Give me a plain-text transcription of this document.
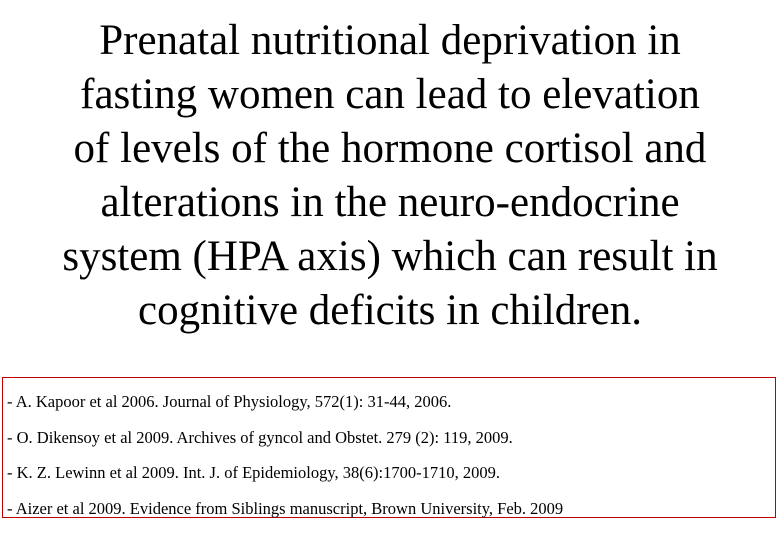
Prenatal nutritional deprivation in
fasting women can lead to elevation
of levels of the hormone cortisol and
alterations in the neuro-endocrine
system (HPA axis) which can result in
cognitive deficits in children.
- A. Kapoor et al 2006. Journal of Physiology, 572(1): 31-44, 2006.
- O. Dikensoy et al 2009. Archives of gyncol and Obstet. 279 (2): 119, 2009.
- K. Z. Lewinn et al 2009. Int. J. of Epidemiology, 38(6):1700-1710, 2009.
- Aizer et al 2009. Evidence from Siblings manuscript, Brown University, Feb. 2009
